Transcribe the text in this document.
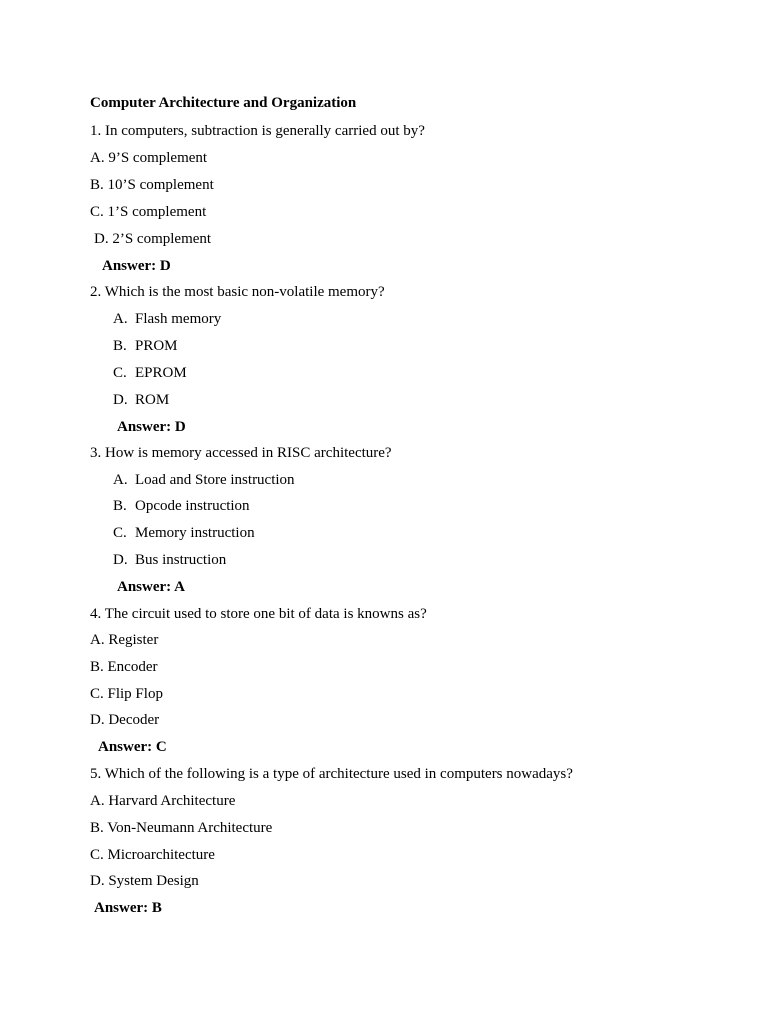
Computer Architecture and Organization
1. In computers, subtraction is generally carried out by?
A. 9’S complement
B. 10’S complement
C. 1’S complement
D. 2’S complement
Answer: D
2. Which is the most basic non-volatile memory?
A. Flash memory
B. PROM
C. EPROM
D. ROM
Answer: D
3. How is memory accessed in RISC architecture?
A. Load and Store instruction
B. Opcode instruction
C. Memory instruction
D. Bus instruction
Answer: A
4. The circuit used to store one bit of data is knowns as?
A. Register
B. Encoder
C. Flip Flop
D. Decoder
Answer: C
5. Which of the following is a type of architecture used in computers nowadays?
A. Harvard Architecture
B. Von-Neumann Architecture
C. Microarchitecture
D. System Design
Answer: B
